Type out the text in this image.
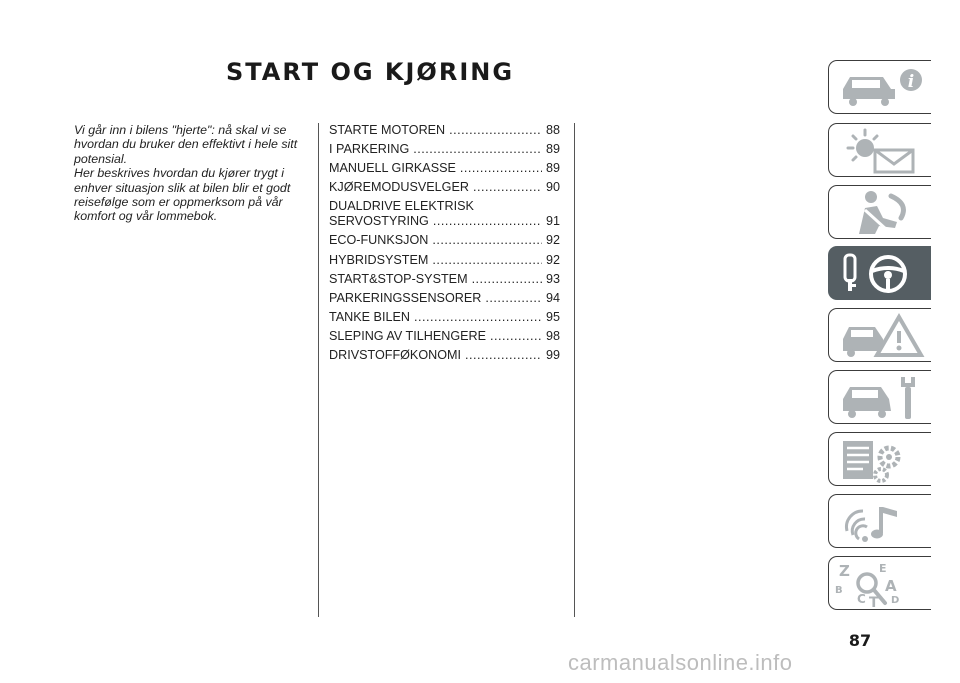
START OG KJØRING

Vi går inn i bilens "hjerte": nå skal vi se hvordan du bruker den effektivt i hele sitt potensial.

Her beskrives hvordan du kjører trygt i enhver situasjon slik at bilen blir et godt reisefølge som er oppmerksom på vår komfort og vår lommebok.

STARTE MOTOREN .....	88
I PARKERING .....	89
MANUELL GIRKASSE .....	89
KJØREMODUSVELGER .....	90
DUALDRIVE ELEKTRISK
SERVOSTYRING .....	91
ECO-FUNKSJON .....	92
HYBRIDSYSTEM .....	92
START&STOP-SYSTEM .....	93
PARKERINGSSENSORER .....	94
TANKE BILEN .....	95
SLEPING AV TILHENGERE .....	98
DRIVSTOFFØKONOMI .....	99
i
Z	E
B	A
C T D
87
carmanualsonline.info
